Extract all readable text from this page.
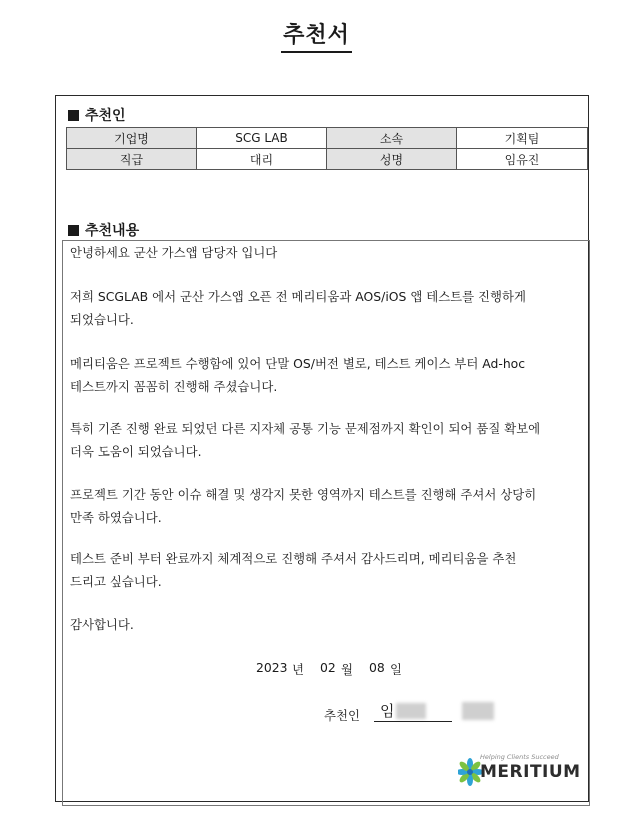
추천서
추천인
기업명	SCG LAB	소속	기획팀
직급	대리	성명	임유진
추천내용

안녕하세요 군산 가스앱 담당자 입니다

저희 SCGLAB 에서 군산 가스앱 오픈 전 메리티움과 AOS/iOS 앱 테스트를 진행하게
되었습니다.

메리티움은 프로젝트 수행함에 있어 단말 OS/버전 별로, 테스트 케이스 부터 Ad-hoc
테스트까지 꼼꼼히 진행해 주셨습니다.

특히 기존 진행 완료 되었던 다른 지자체 공통 기능 문제점까지 확인이 되어 품질 확보에
더욱 도움이 되었습니다.

프로젝트 기간 동안 이슈 해결 및 생각지 못한 영역까지 테스트를 진행해 주셔서 상당히
만족 하였습니다.

테스트 준비 부터 완료까지 체계적으로 진행해 주셔서 감사드리며, 메리티움을 추천
드리고 싶습니다.

감사합니다.

2023 년 02 월 08 일
추천인 임
Helping Clients Succeed
MERITIUM
